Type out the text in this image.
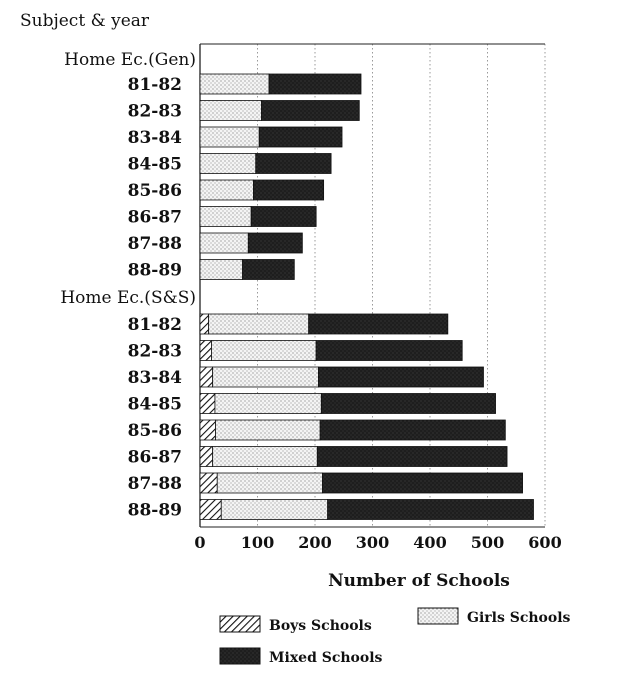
Subject & year
Home Ec.(Gen)
81-82
82-83
83-84
84-85
85-86
86-87
87-88
88-89
Home Ec.(S&S)
81-82
82-83
83-84
84-85
85-86
86-87
87-88
88-89
0 100 200 300 400 500 600
Number of Schools
Boys Schools	Girls Schools
Mixed Schools
